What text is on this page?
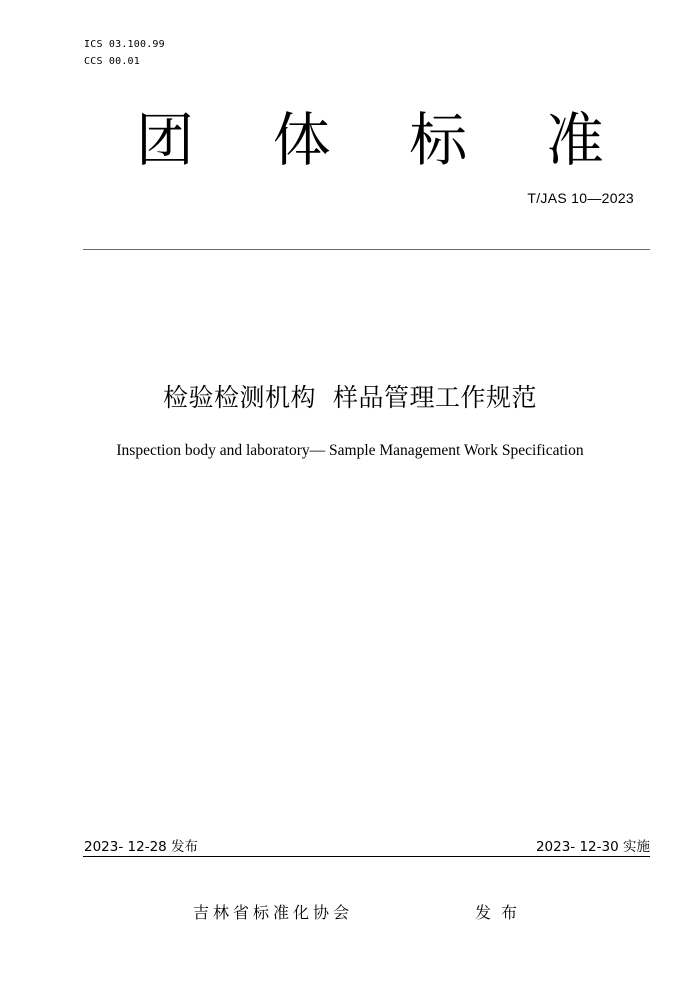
ICS 03.100.99
CCS 00.01
团 体 标 准
T/JAS 10—2023
检验检测机构  样品管理工作规范
Inspection body and laboratory— Sample Management Work Specification
2023- 12-28 发布	2023- 12-30 实施
吉林省标准化协会	发布
